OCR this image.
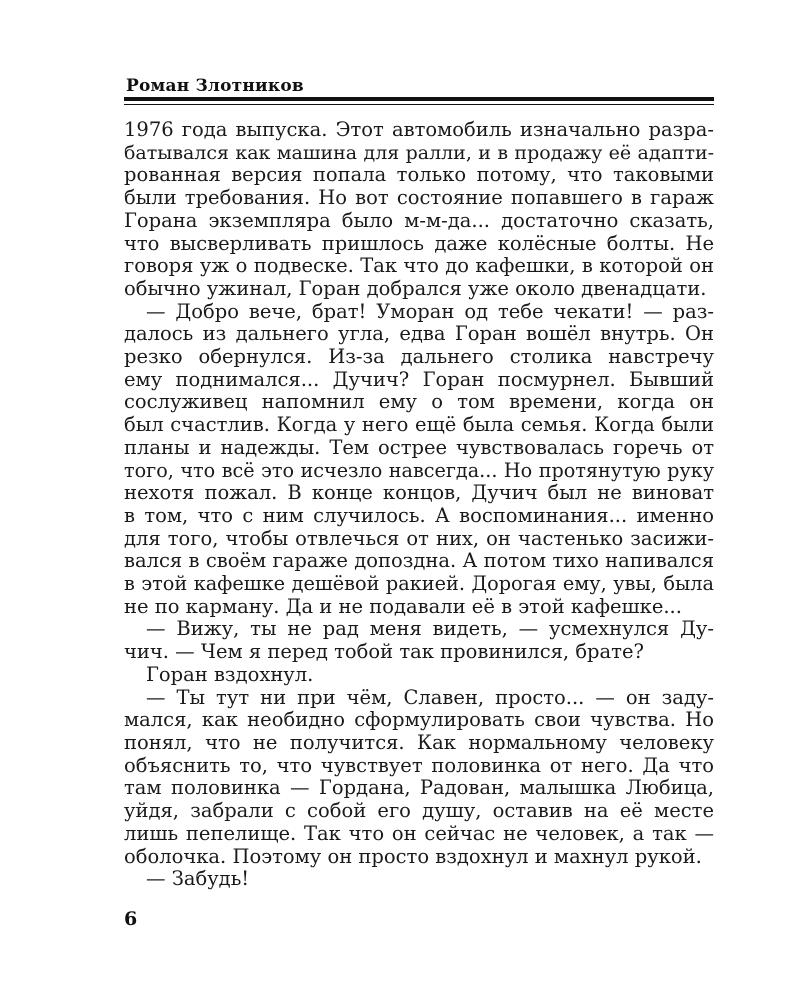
Роман Злотников
1976 года выпуска. Этот автомобиль изначально разра-
батывался как машина для ралли, и в продажу её адапти-
рованная версия попала только потому, что таковыми
были требования. Но вот состояние попавшего в гараж
Горана экземпляра было м-м-да... достаточно сказать,
что высверливать пришлось даже колёсные болты. Не
говоря уж о подвеске. Так что до кафешки, в которой он
обычно ужинал, Горан добрался уже около двенадцати.
— Добро вече, брат! Уморан од тебе чекати! — раз-
далось из дальнего угла, едва Горан вошёл внутрь. Он
резко обернулся. Из-за дальнего столика навстречу
ему поднимался... Дучич? Горан посмурнел. Бывший
сослуживец напомнил ему о том времени, когда он
был счастлив. Когда у него ещё была семья. Когда были
планы и надежды. Тем острее чувствовалась горечь от
того, что всё это исчезло навсегда... Но протянутую руку
нехотя пожал. В конце концов, Дучич был не виноват
в том, что с ним случилось. А воспоминания... именно
для того, чтобы отвлечься от них, он частенько засижи-
вался в своём гараже допоздна. А потом тихо напивался
в этой кафешке дешёвой ракией. Дорогая ему, увы, была
не по карману. Да и не подавали её в этой кафешке...
— Вижу, ты не рад меня видеть, — усмехнулся Ду-
чич. — Чем я перед тобой так провинился, брате?
Горан вздохнул.
— Ты тут ни при чём, Славен, просто... — он заду-
мался, как необидно сформулировать свои чувства. Но
понял, что не получится. Как нормальному человеку
объяснить то, что чувствует половинка от него. Да что
там половинка — Гордана, Радован, малышка Любица,
уйдя, забрали с собой его душу, оставив на её месте
лишь пепелище. Так что он сейчас не человек, а так —
оболочка. Поэтому он просто вздохнул и махнул рукой.
— Забудь!
6
